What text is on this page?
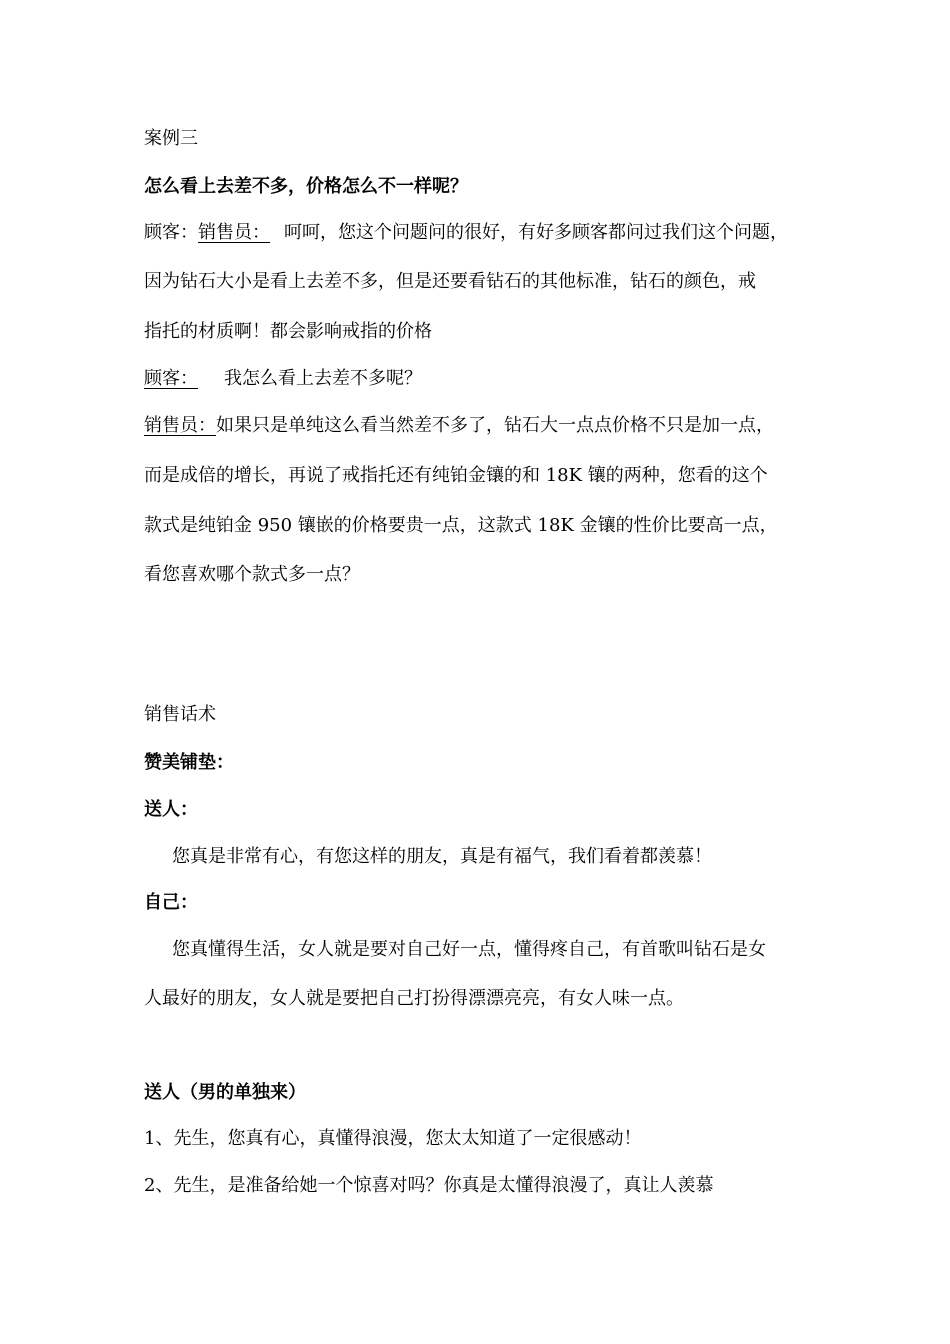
案例三
怎么看上去差不多，价格怎么不一样呢？
顾客：销售员： 呵呵，您这个问题问的很好，有好多顾客都问过我们这个问题，
因为钻石大小是看上去差不多，但是还要看钻石的其他标准，钻石的颜色，戒
指托的材质啊！都会影响戒指的价格
顾客： 我怎么看上去差不多呢？
销售员：如果只是单纯这么看当然差不多了，钻石大一点点价格不只是加一点，
而是成倍的增长，再说了戒指托还有纯铂金镶的和 18K 镶的两种，您看的这个
款式是纯铂金 950 镶嵌的价格要贵一点，这款式 18K 金镶的性价比要高一点，
看您喜欢哪个款式多一点？
销售话术
赞美铺垫：
送人：
您真是非常有心，有您这样的朋友，真是有福气，我们看着都羡慕！
自己：
您真懂得生活，女人就是要对自己好一点，懂得疼自己，有首歌叫钻石是女
人最好的朋友，女人就是要把自己打扮得漂漂亮亮，有女人味一点。
送人（男的单独来）
1、先生，您真有心，真懂得浪漫，您太太知道了一定很感动！
2、先生，是准备给她一个惊喜对吗？你真是太懂得浪漫了，真让人羡慕
